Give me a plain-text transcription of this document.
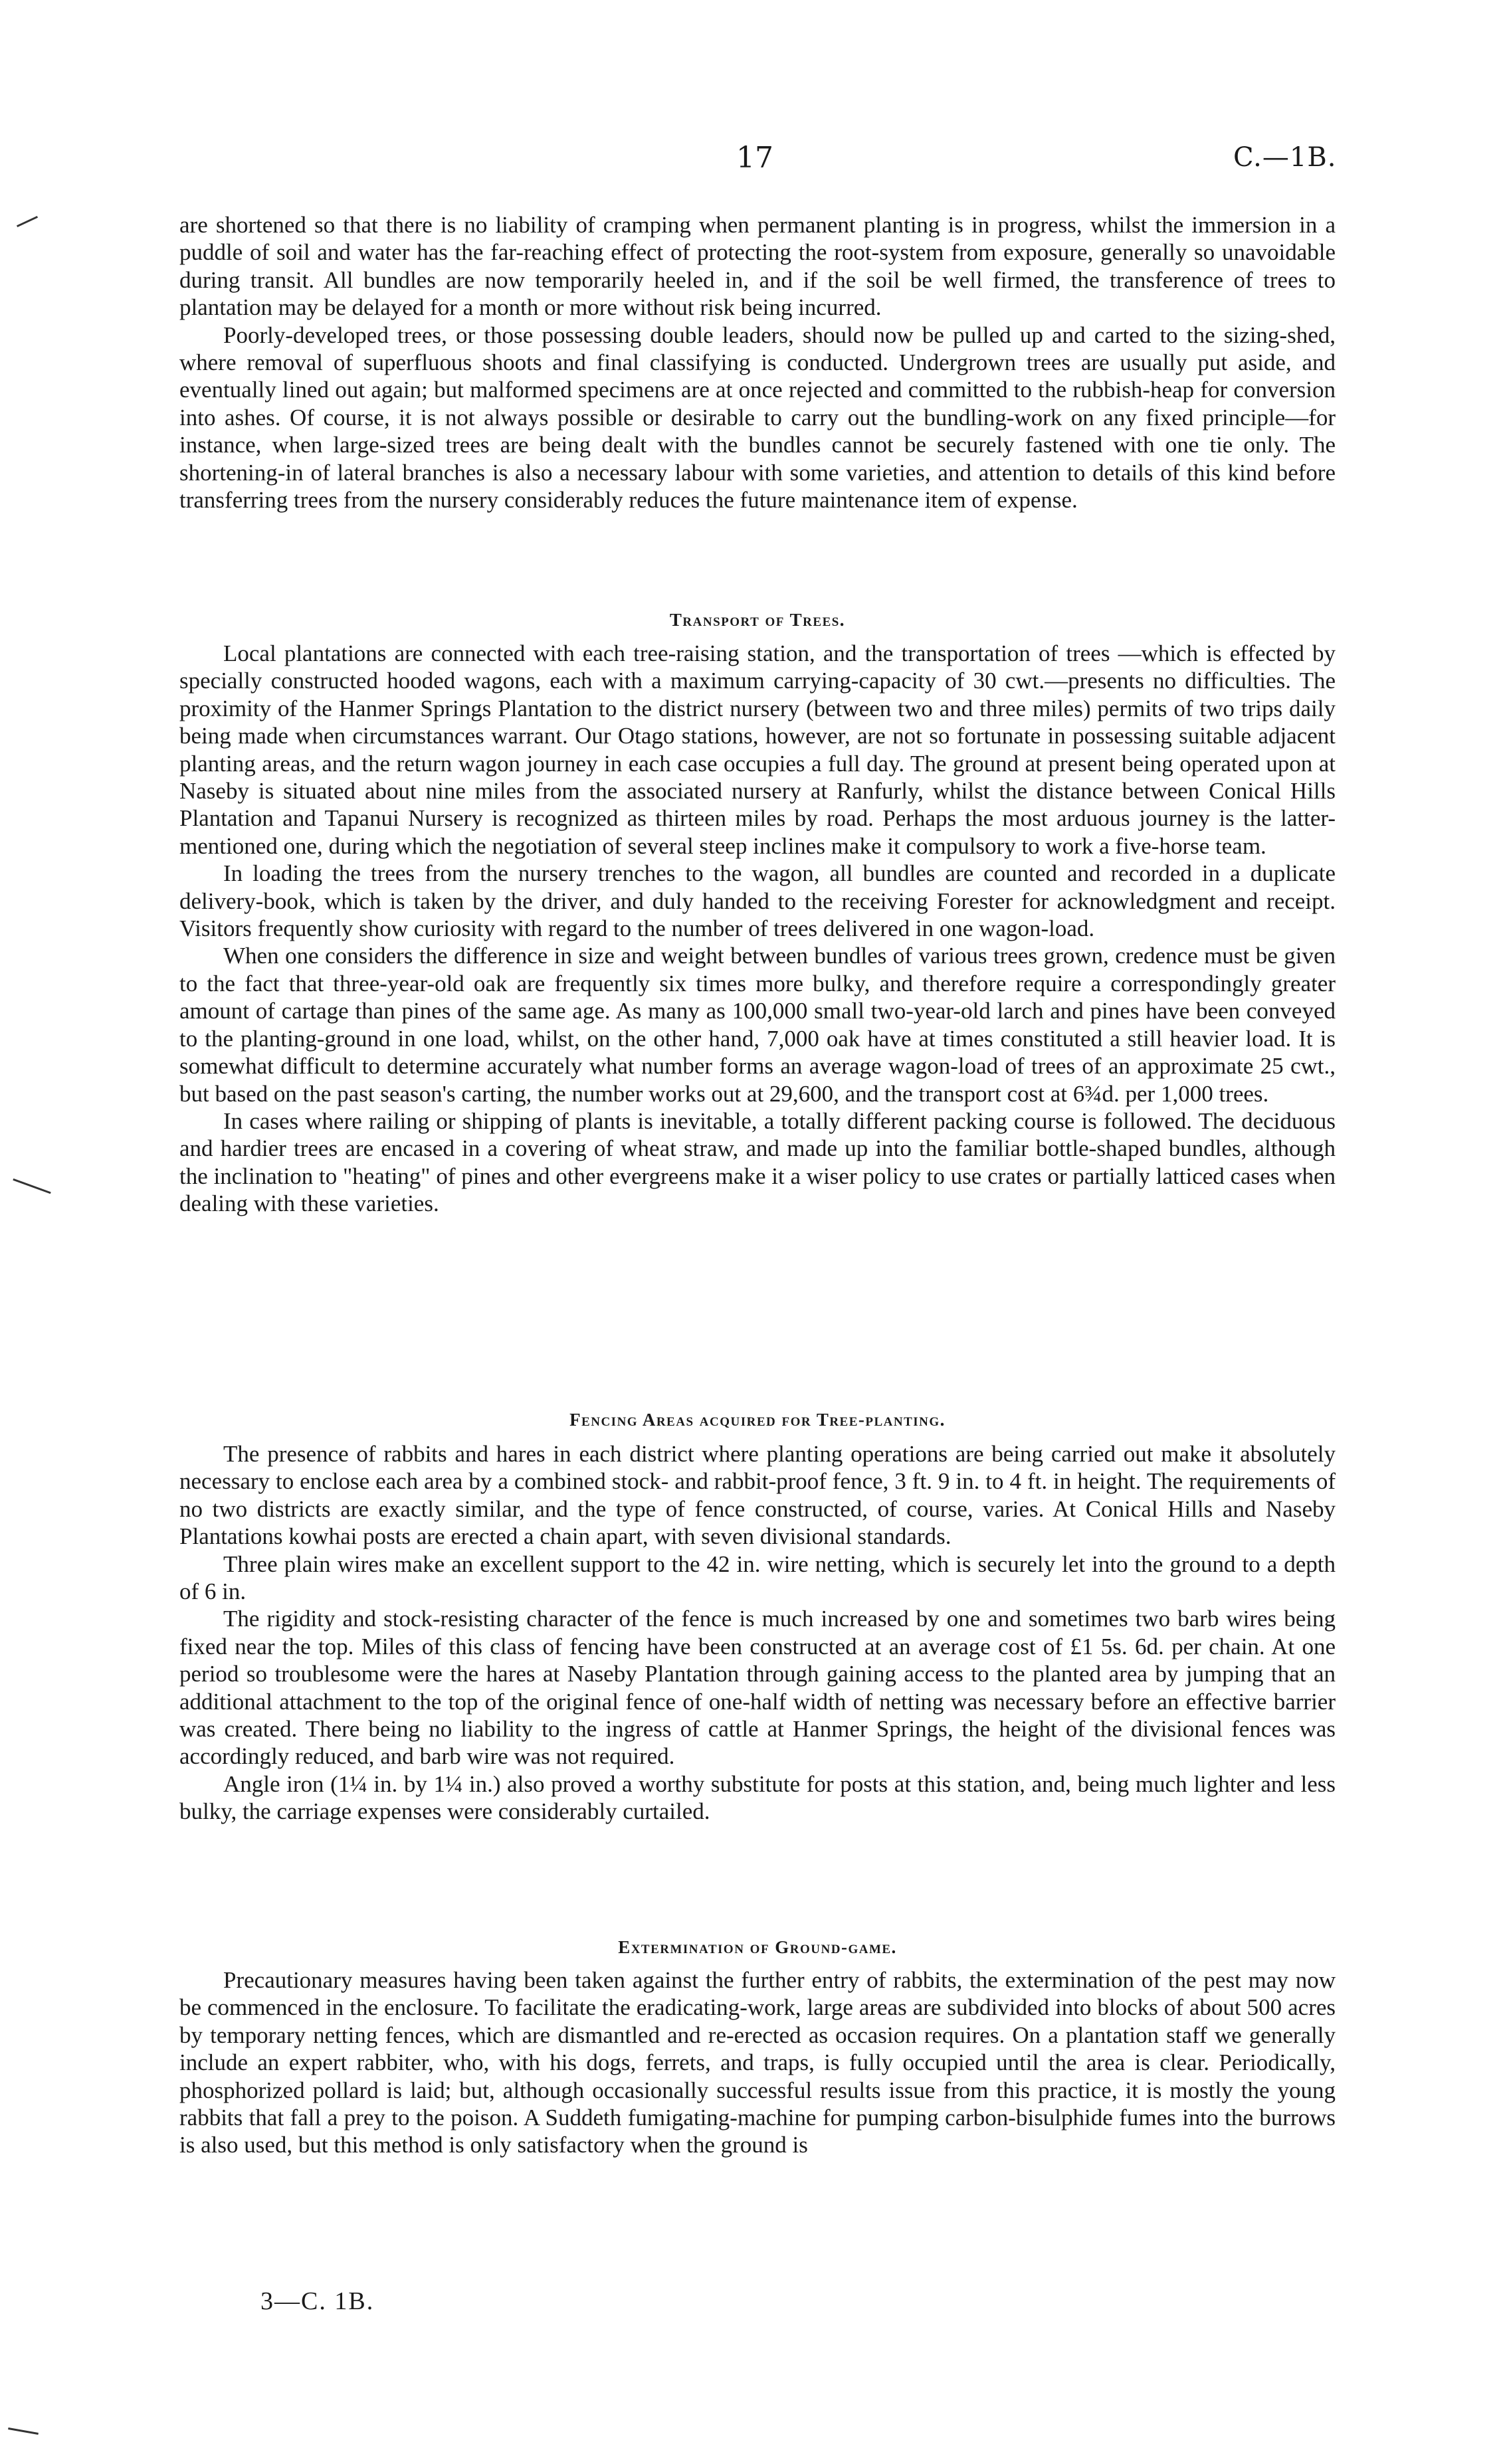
17	C.—1B.

are shortened so that there is no liability of cramping when permanent planting is in progress, whilst the immersion in a puddle of soil and water has the far-reaching effect of protecting the root-system from exposure, generally so unavoidable during transit. All bundles are now temporarily heeled in, and if the soil be well firmed, the transference of trees to plantation may be delayed for a month or more without risk being incurred.

Poorly-developed trees, or those possessing double leaders, should now be pulled up and carted to the sizing-shed, where removal of superfluous shoots and final classifying is conducted. Undergrown trees are usually put aside, and eventually lined out again; but malformed specimens are at once rejected and committed to the rubbish-heap for conversion into ashes. Of course, it is not always possible or desirable to carry out the bundling-work on any fixed principle—for instance, when large-sized trees are being dealt with the bundles cannot be securely fastened with one tie only. The shortening-in of lateral branches is also a necessary labour with some varieties, and attention to details of this kind before transferring trees from the nursery considerably reduces the future maintenance item of expense.

Transport of Trees.

Local plantations are connected with each tree-raising station, and the transportation of trees —which is effected by specially constructed hooded wagons, each with a maximum carrying-capacity of 30 cwt.—presents no difficulties. The proximity of the Hanmer Springs Plantation to the district nursery (between two and three miles) permits of two trips daily being made when circumstances warrant. Our Otago stations, however, are not so fortunate in possessing suitable adjacent planting areas, and the return wagon journey in each case occupies a full day. The ground at present being operated upon at Naseby is situated about nine miles from the associated nursery at Ranfurly, whilst the distance between Conical Hills Plantation and Tapanui Nursery is recognized as thirteen miles by road. Perhaps the most arduous journey is the latter-mentioned one, during which the negotiation of several steep inclines make it compulsory to work a five-horse team.

In loading the trees from the nursery trenches to the wagon, all bundles are counted and recorded in a duplicate delivery-book, which is taken by the driver, and duly handed to the receiving Forester for acknowledgment and receipt. Visitors frequently show curiosity with regard to the number of trees delivered in one wagon-load.

When one considers the difference in size and weight between bundles of various trees grown, credence must be given to the fact that three-year-old oak are frequently six times more bulky, and therefore require a correspondingly greater amount of cartage than pines of the same age. As many as 100,000 small two-year-old larch and pines have been conveyed to the planting-ground in one load, whilst, on the other hand, 7,000 oak have at times constituted a still heavier load. It is somewhat difficult to determine accurately what number forms an average wagon-load of trees of an approximate 25 cwt., but based on the past season's carting, the number works out at 29,600, and the transport cost at 6¾d. per 1,000 trees.

In cases where railing or shipping of plants is inevitable, a totally different packing course is followed. The deciduous and hardier trees are encased in a covering of wheat straw, and made up into the familiar bottle-shaped bundles, although the inclination to "heating" of pines and other evergreens make it a wiser policy to use crates or partially latticed cases when dealing with these varieties.

Fencing Areas acquired for Tree-planting.

The presence of rabbits and hares in each district where planting operations are being carried out make it absolutely necessary to enclose each area by a combined stock- and rabbit-proof fence, 3 ft. 9 in. to 4 ft. in height. The requirements of no two districts are exactly similar, and the type of fence constructed, of course, varies. At Conical Hills and Naseby Plantations kowhai posts are erected a chain apart, with seven divisional standards.

Three plain wires make an excellent support to the 42 in. wire netting, which is securely let into the ground to a depth of 6 in.

The rigidity and stock-resisting character of the fence is much increased by one and sometimes two barb wires being fixed near the top. Miles of this class of fencing have been constructed at an average cost of £1 5s. 6d. per chain. At one period so troublesome were the hares at Naseby Plantation through gaining access to the planted area by jumping that an additional attachment to the top of the original fence of one-half width of netting was necessary before an effective barrier was created. There being no liability to the ingress of cattle at Hanmer Springs, the height of the divisional fences was accordingly reduced, and barb wire was not required.

Angle iron (1¼ in. by 1¼ in.) also proved a worthy substitute for posts at this station, and, being much lighter and less bulky, the carriage expenses were considerably curtailed.

Extermination of Ground-game.

Precautionary measures having been taken against the further entry of rabbits, the extermination of the pest may now be commenced in the enclosure. To facilitate the eradicating-work, large areas are subdivided into blocks of about 500 acres by temporary netting fences, which are dismantled and re-erected as occasion requires. On a plantation staff we generally include an expert rabbiter, who, with his dogs, ferrets, and traps, is fully occupied until the area is clear. Periodically, phosphorized pollard is laid; but, although occasionally successful results issue from this practice, it is mostly the young rabbits that fall a prey to the poison. A Suddeth fumigating-machine for pumping carbon-bisulphide fumes into the burrows is also used, but this method is only satisfactory when the ground is

3—C. 1B.
